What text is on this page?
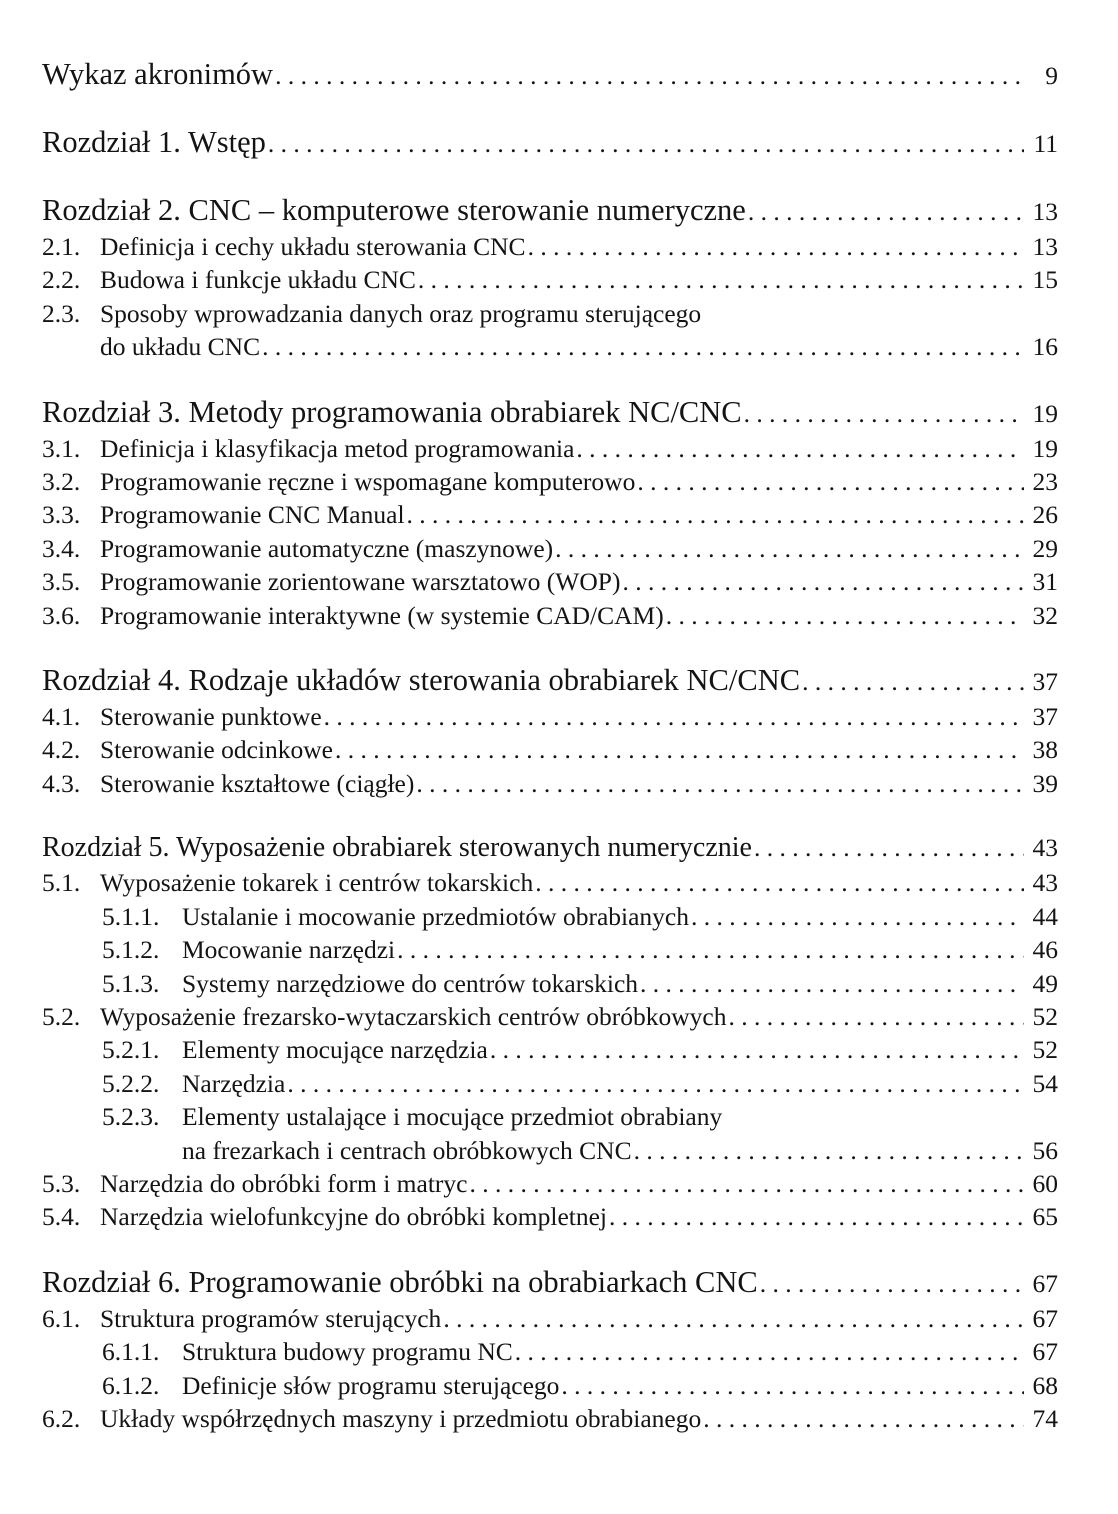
Wykaz akronimów . . .	9
Rozdział 1. Wstęp . . .	11
Rozdział 2. CNC – komputerowe sterowanie numeryczne . . .	13
2.1. Definicja i cechy układu sterowania CNC . . .	13
2.2. Budowa i funkcje układu CNC . . .	15
2.3. Sposoby wprowadzania danych oraz programu sterującego
do układu CNC . . .	16
Rozdział 3. Metody programowania obrabiarek NC/CNC . . .	19
3.1. Definicja i klasyfikacja metod programowania . . .	19
3.2. Programowanie ręczne i wspomagane komputerowo . . .	23
3.3. Programowanie CNC Manual . . .	26
3.4. Programowanie automatyczne (maszynowe) . . .	29
3.5. Programowanie zorientowane warsztatowo (WOP) . . .	31
3.6. Programowanie interaktywne (w systemie CAD/CAM) . . .	32
Rozdział 4. Rodzaje układów sterowania obrabiarek NC/CNC . . .	37
4.1. Sterowanie punktowe . . .	37
4.2. Sterowanie odcinkowe . . .	38
4.3. Sterowanie kształtowe (ciągłe) . . .	39
Rozdział 5. Wyposażenie obrabiarek sterowanych numerycznie . . .	43
5.1. Wyposażenie tokarek i centrów tokarskich . . .	43
5.1.1. Ustalanie i mocowanie przedmiotów obrabianych . . .	44
5.1.2. Mocowanie narzędzi . . .	46
5.1.3. Systemy narzędziowe do centrów tokarskich . . .	49
5.2. Wyposażenie frezarsko-wytaczarskich centrów obróbkowych . . .	52
5.2.1. Elementy mocujące narzędzia . . .	52
5.2.2. Narzędzia . . .	54
5.2.3. Elementy ustalające i mocujące przedmiot obrabiany
na frezarkach i centrach obróbkowych CNC . . .	56
5.3. Narzędzia do obróbki form i matryc . . .	60
5.4. Narzędzia wielofunkcyjne do obróbki kompletnej . . .	65
Rozdział 6. Programowanie obróbki na obrabiarkach CNC . . .	67
6.1. Struktura programów sterujących . . .	67
6.1.1. Struktura budowy programu NC . . .	67
6.1.2. Definicje słów programu sterującego . . .	68
6.2. Układy współrzędnych maszyny i przedmiotu obrabianego . . .	74
